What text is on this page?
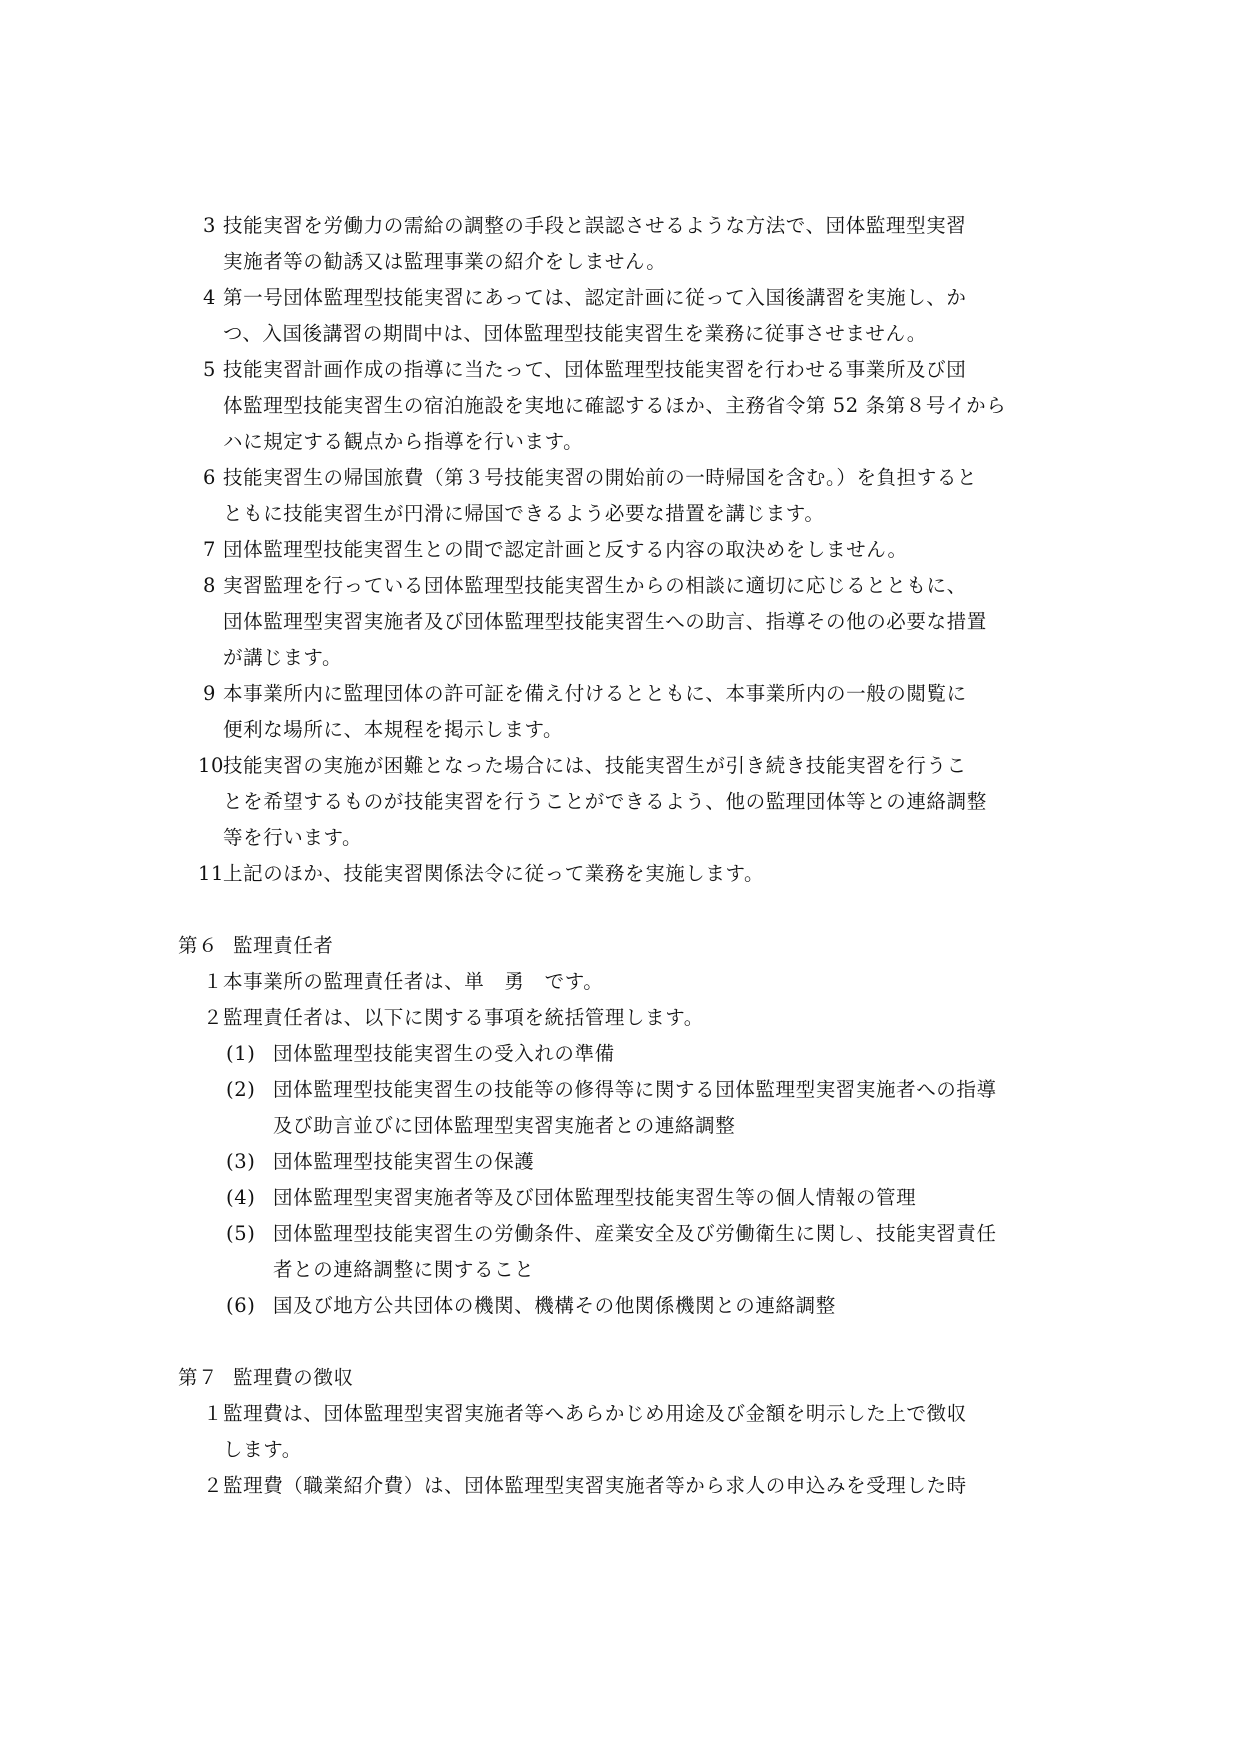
3 技能実習を労働力の需給の調整の手段と誤認させるような方法で、団体監理型実習
実施者等の勧誘又は監理事業の紹介をしません。
4 第一号団体監理型技能実習にあっては、認定計画に従って入国後講習を実施し、か
つ、入国後講習の期間中は、団体監理型技能実習生を業務に従事させません。
5 技能実習計画作成の指導に当たって、団体監理型技能実習を行わせる事業所及び団
体監理型技能実習生の宿泊施設を実地に確認するほか、主務省令第 52 条第８号イから
ハに規定する観点から指導を行います。
6 技能実習生の帰国旅費（第３号技能実習の開始前の一時帰国を含む。）を負担すると
ともに技能実習生が円滑に帰国できるよう必要な措置を講じます。
7 団体監理型技能実習生との間で認定計画と反する内容の取決めをしません。
8 実習監理を行っている団体監理型技能実習生からの相談に適切に応じるとともに、
団体監理型実習実施者及び団体監理型技能実習生への助言、指導その他の必要な措置
が講じます。
9 本事業所内に監理団体の許可証を備え付けるとともに、本事業所内の一般の閲覧に
便利な場所に、本規程を掲示します。
10
技能実習の実施が困難となった場合には、技能実習生が引き続き技能実習を行うこ
とを希望するものが技能実習を行うことができるよう、他の監理団体等との連絡調整
等を行います。
11
上記のほか、技能実習関係法令に従って業務を実施します。
第６ 監理責任者
１ 本事業所の監理責任者は、単　勇　です。
２ 監理責任者は、以下に関する事項を統括管理します。
(1) 団体監理型技能実習生の受入れの準備
(2) 団体監理型技能実習生の技能等の修得等に関する団体監理型実習実施者への指導
及び助言並びに団体監理型実習実施者との連絡調整
(3) 団体監理型技能実習生の保護
(4) 団体監理型実習実施者等及び団体監理型技能実習生等の個人情報の管理
(5) 団体監理型技能実習生の労働条件、産業安全及び労働衛生に関し、技能実習責任
者との連絡調整に関すること
(6) 国及び地方公共団体の機関、機構その他関係機関との連絡調整
第７ 監理費の徴収
１ 監理費は、団体監理型実習実施者等へあらかじめ用途及び金額を明示した上で徴収
します。
２ 監理費（職業紹介費）は、団体監理型実習実施者等から求人の申込みを受理した時
